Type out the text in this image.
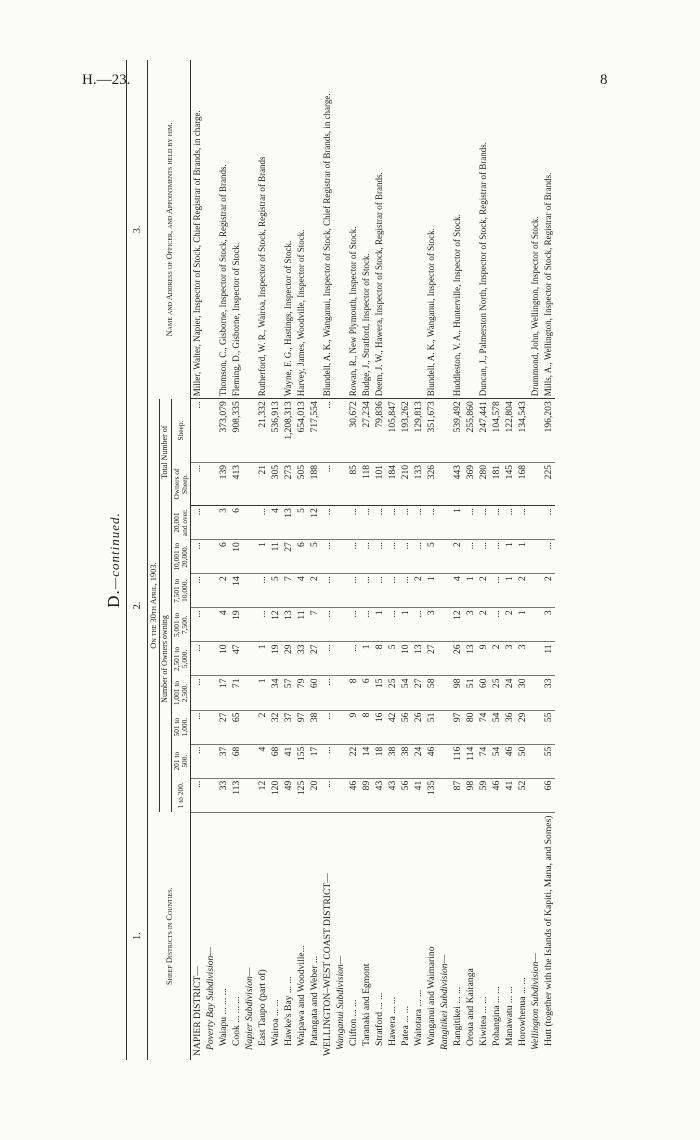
H.—23.	8
D.—continued.
1.	2.											3.
Sheep Districts in Counties.	On the 30th April, 1903.											Name and Address of Officer, and Appointments held by him.
	Number of Owners owning									Total Number of		
	1 to 200.	201 to 500.	501 to 1,000.	1,001 to 2,500.	2,501 to 5,000.	5,001 to 7,500.	7,501 to 10,000.	10,001 to 20,000.	20,001 and over.	Owners of Sheep.	Sheep.	
NAPIER DISTRICT—	...	...	...	...	...	...	...	...	...	...	...	Miller, Walter, Napier, Inspector of Stock, Chief Registrar of Brands, in charge.
Poverty Bay Subdivision—												
Waiapu ... ... ...	33	37	27	17	10	4	2	6	3	139	373,079	Thomson, C., Gisborne, Inspector of Stock, Registrar of Brands.
Cook ... ... ...	113	68	65	71	47	19	14	10	6	413	908,335	Fleming, D., Gisborne, Inspector of Stock.
Napier Subdivision—												
East Taupo (part of)	12	4	2	1	1	...	...	1	...	21	21,332	Rutherford, W. R., Wairoa, Inspector of Stock, Registrar of Brands
Wairoa ... ...	120	68	32	34	19	12	5	11	4	305	536,913	
Hawke's Bay ... ...	49	41	37	57	29	13	7	27	13	273	1,208,313	Wayne, F. G., Hastings, Inspector of Stock.
Waipawa and Woodville...	125	155	97	79	33	11	4	6	5	505	654,013	Harvey, James, Woodville, Inspector of Stock.
Patangata and Weber ...	20	17	38	60	27	7	2	5	12	188	717,554	
WELLINGTON–WEST COAST DISTRICT—	...	...	...	...	...	...	...	...	...	...	...	Blundell, A. K., Wanganui, Inspector of Stock, Chief Registrar of Brands, in charge.
Wanganui Subdivision—												
Clifton ... ...	46	22	9	8	...	...	...	...	...	85	30,672	Rowan, R., New Plymouth, Inspector of Stock.
Taranaki and Egmont	89	14	8	6	1	...	...	...	...	118	27,234	Budge, J., Stratford, Inspector of Stock.
Stratford ... ...	43	18	16	15	8	1	...	...	...	101	79,836	Deem, J. W., Hawera, Inspector of Stock, Registrar of Brands.
Hawera ... ...	43	38	42	25	5	...	...	...	...	184	105,847	
Patea ... ...	56	38	56	54	10	1	...	...	...	210	193,262	
Waitotara ... ...	41	24	26	27	13	...	2	...	...	133	129,813	
Wanganui and Waimarino	135	46	51	58	27	3	1	5	...	326	351,673	Blundell, A. K., Wanganui, Inspector of Stock.
Rangitikei Subdivision—												
Rangitikei ... ...	87	116	97	98	26	12	4	2	1	443	539,492	Huddleston, V. A., Hunterville, Inspector of Stock.
Oroua and Kairanga	98	114	80	51	13	3	1	...	...	369	255,860	
Kiwitea ... ...	59	74	74	60	9	2	2	...	...	280	247,441	Duncan, J., Palmerston North, Inspector of Stock, Registrar of Brands.
Pohangina ... ...	46	54	54	25	2	...	...	...	...	181	104,578	
Manawatu ... ...	41	46	36	24	3	2	1	1	...	145	122,804	
Horowhenua ... ...	52	50	29	30	3	1	2	1	...	168	134,543	
Wellington Subdivision—												Drummond, John, Wellington, Inspector of Stock.
Hutt (together with the Islands of Kapiti, Mana, and Somes)	66	55	55	33	11	3	2	...	...	225	196,203	Mills, A., Wellington, Inspector of Stock, Registrar of Brands.
